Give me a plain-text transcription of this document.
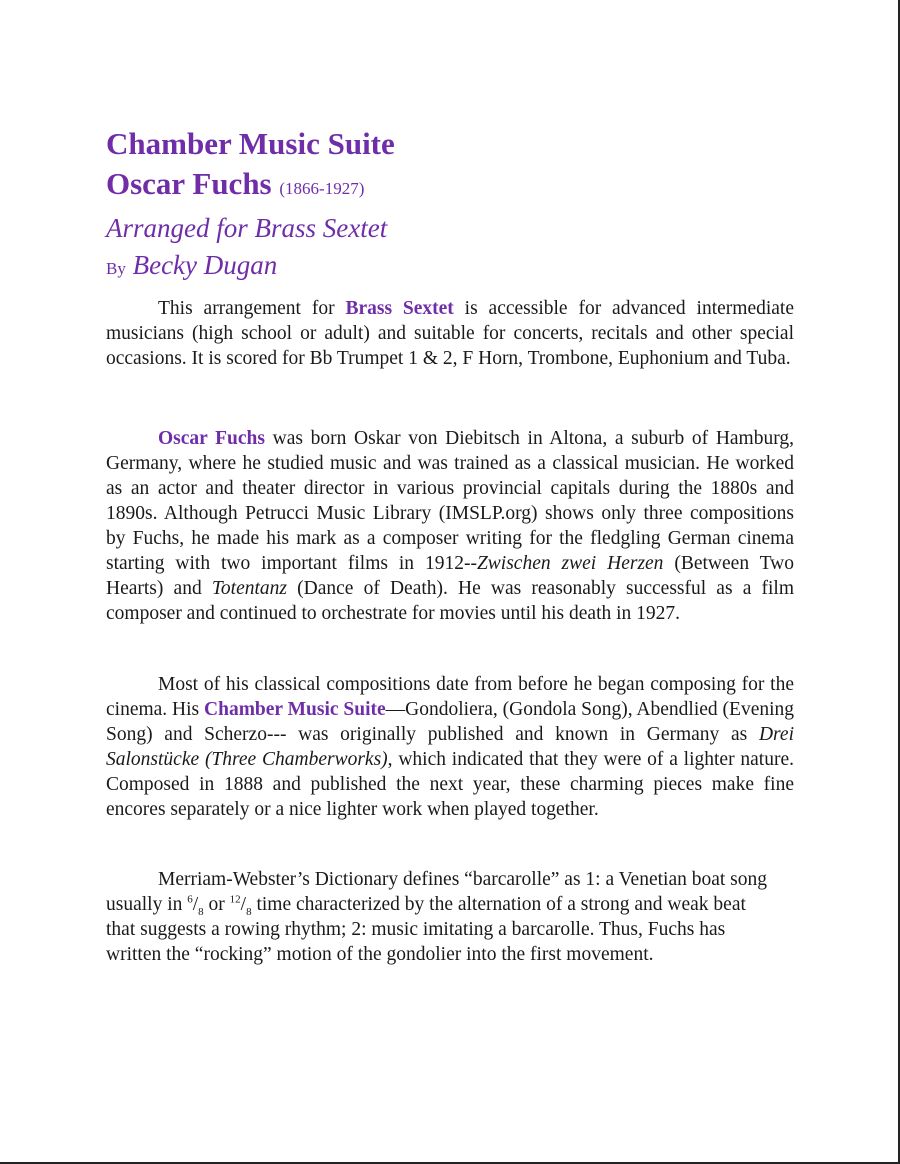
Chamber Music Suite

Oscar Fuchs (1866-1927)

Arranged for Brass Sextet

By Becky Dugan

This arrangement for Brass Sextet is accessible for advanced intermediate musicians (high school or adult) and suitable for concerts, recitals and other special occasions. It is scored for Bb Trumpet 1 & 2, F Horn, Trombone, Euphonium and Tuba.

Oscar Fuchs was born Oskar von Diebitsch in Altona, a suburb of Hamburg, Germany, where he studied music and was trained as a classical musician. He worked as an actor and theater director in various provincial capitals during the 1880s and 1890s. Although Petrucci Music Library (IMSLP.org) shows only three compositions by Fuchs, he made his mark as a composer writing for the fledgling German cinema starting with two important films in 1912--Zwischen zwei Herzen (Between Two Hearts) and Totentanz (Dance of Death). He was reasonably successful as a film composer and continued to orchestrate for movies until his death in 1927.

Most of his classical compositions date from before he began composing for the cinema. His Chamber Music Suite—Gondoliera, (Gondola Song), Abendlied (Evening Song) and Scherzo--- was originally published and known in Germany as Drei Salonstücke (Three Chamberworks), which indicated that they were of a lighter nature. Composed in 1888 and published the next year, these charming pieces make fine encores separately or a nice lighter work when played together.

Merriam-Webster’s Dictionary defines “barcarolle” as 1: a Venetian boat song usually in $^6/_8$ or $^{12}/_8$ time characterized by the alternation of a strong and weak beat that suggests a rowing rhythm; 2: music imitating a barcarolle. Thus, Fuchs has written the “rocking” motion of the gondolier into the first movement.
